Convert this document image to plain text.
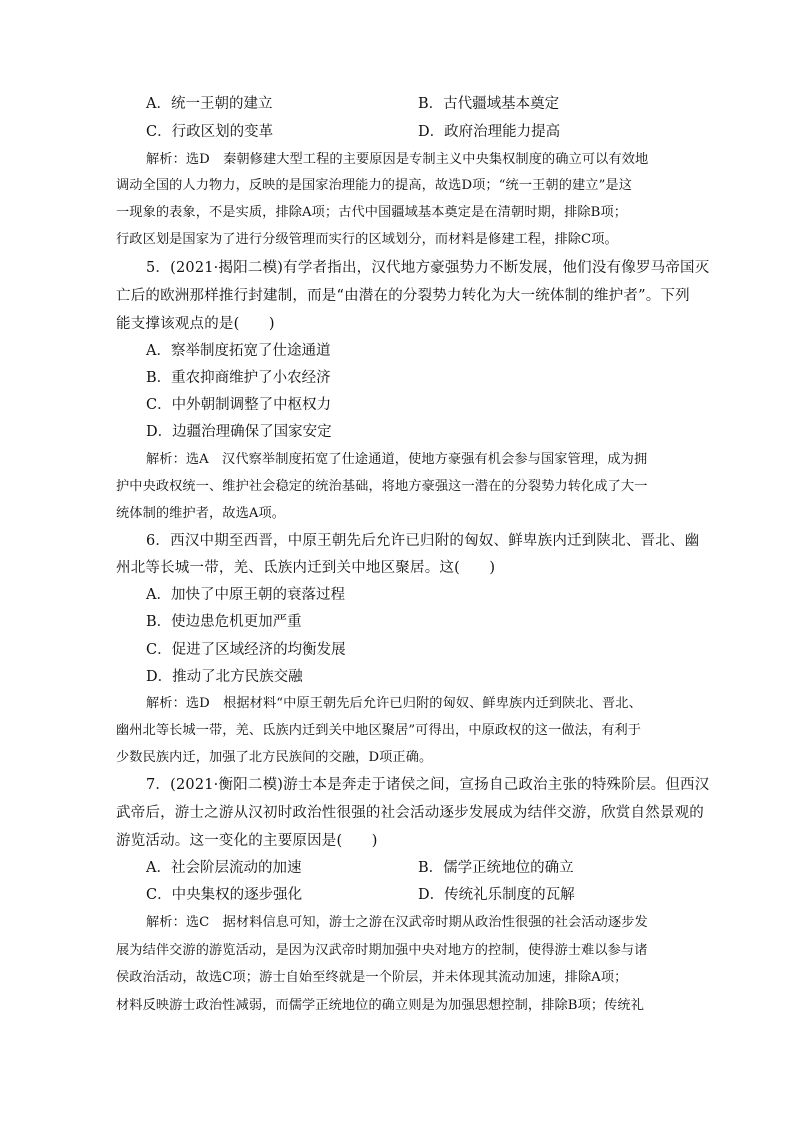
A．统一王朝的建立	B．古代疆域基本奠定
C．行政区划的变革	D．政府治理能力提高
解析：选D　秦朝修建大型工程的主要原因是专制主义中央集权制度的确立可以有效地
调动全国的人力物力，反映的是国家治理能力的提高，故选D项；“统一王朝的建立”是这
一现象的表象，不是实质，排除A项；古代中国疆域基本奠定是在清朝时期，排除B项；
行政区划是国家为了进行分级管理而实行的区域划分，而材料是修建工程，排除C项。
5．(2021·揭阳二模)有学者指出，汉代地方豪强势力不断发展，他们没有像罗马帝国灭
亡后的欧洲那样推行封建制，而是“由潜在的分裂势力转化为大一统体制的维护者”。下列
能支撑该观点的是(　　)
A．察举制度拓宽了仕途通道
B．重农抑商维护了小农经济
C．中外朝制调整了中枢权力
D．边疆治理确保了国家安定
解析：选A　汉代察举制度拓宽了仕途通道，使地方豪强有机会参与国家管理，成为拥
护中央政权统一、维护社会稳定的统治基础，将地方豪强这一潜在的分裂势力转化成了大一
统体制的维护者，故选A项。
6．西汉中期至西晋，中原王朝先后允许已归附的匈奴、鲜卑族内迁到陕北、晋北、幽
州北等长城一带，羌、氐族内迁到关中地区聚居。这(　　)
A．加快了中原王朝的衰落过程
B．使边患危机更加严重
C．促进了区域经济的均衡发展
D．推动了北方民族交融
解析：选D　根据材料“中原王朝先后允许已归附的匈奴、鲜卑族内迁到陕北、晋北、
幽州北等长城一带，羌、氐族内迁到关中地区聚居”可得出，中原政权的这一做法，有利于
少数民族内迁，加强了北方民族间的交融，D项正确。
7．(2021·衡阳二模)游士本是奔走于诸侯之间，宣扬自己政治主张的特殊阶层。但西汉
武帝后，游士之游从汉初时政治性很强的社会活动逐步发展成为结伴交游，欣赏自然景观的
游览活动。这一变化的主要原因是(　　)
A．社会阶层流动的加速	B．儒学正统地位的确立
C．中央集权的逐步强化	D．传统礼乐制度的瓦解
解析：选C　据材料信息可知，游士之游在汉武帝时期从政治性很强的社会活动逐步发
展为结伴交游的游览活动，是因为汉武帝时期加强中央对地方的控制，使得游士难以参与诸
侯政治活动，故选C项；游士自始至终就是一个阶层，并未体现其流动加速，排除A项；
材料反映游士政治性减弱，而儒学正统地位的确立则是为加强思想控制，排除B项；传统礼
